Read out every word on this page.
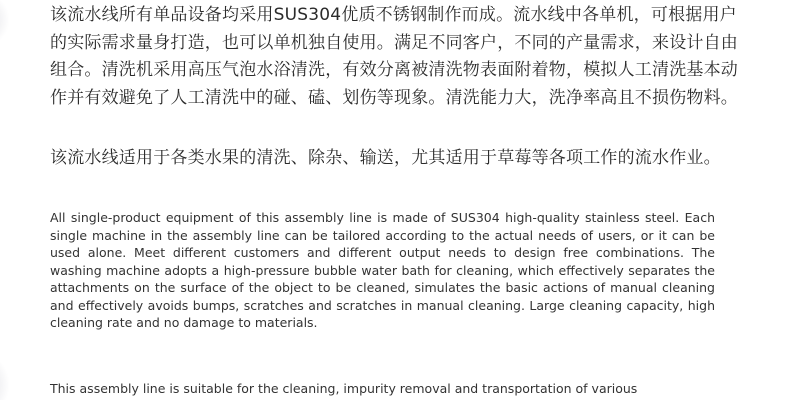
该流水线所有单品设备均采用SUS304优质不锈钢制作而成。流水线中各单机，可根据用户的实际需求量身打造，也可以单机独自使用。满足不同客户，不同的产量需求，来设计自由组合。清洗机采用高压气泡水浴清洗，有效分离被清洗物表面附着物，模拟人工清洗基本动作并有效避免了人工清洗中的碰、磕、划伤等现象。清洗能力大，洗净率高且不损伤物料。

该流水线适用于各类水果的清洗、除杂、输送，尤其适用于草莓等各项工作的流水作业。

All single-product equipment of this assembly line is made of SUS304 high-quality stainless steel. Each single machine in the assembly line can be tailored according to the actual needs of users, or it can be used alone. Meet different customers and different output needs to design free combinations. The washing machine adopts a high-pressure bubble water bath for cleaning, which effectively separates the attachments on the surface of the object to be cleaned, simulates the basic actions of manual cleaning and effectively avoids bumps, scratches and scratches in manual cleaning. Large cleaning capacity, high cleaning rate and no damage to materials.

This assembly line is suitable for the cleaning, impurity removal and transportation of various
